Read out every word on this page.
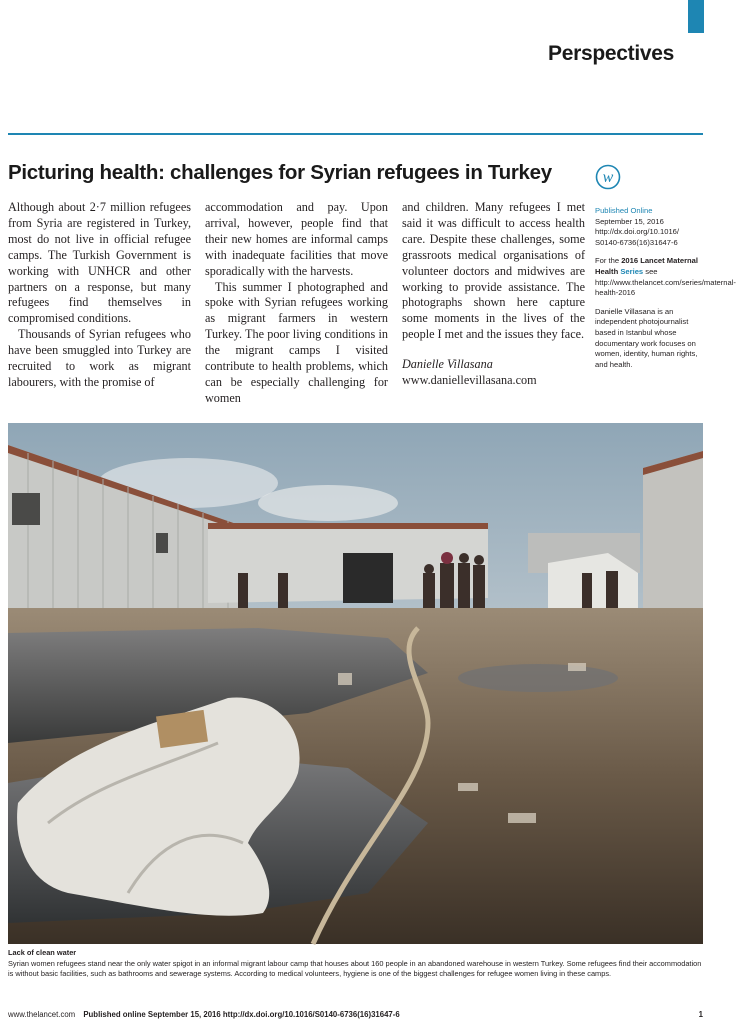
Perspectives
Picturing health: challenges for Syrian refugees in Turkey	w

Although about 2·7 million refugees from Syria are registered in Turkey, most do not live in official refugee camps. The Turkish Government is working with UNHCR and other partners on a response, but many refugees find themselves in compromised conditions.

Thousands of Syrian refugees who have been smuggled into Turkey are recruited to work as migrant labourers, with the promise of

accommodation and pay. Upon arrival, however, people find that their new homes are informal camps with inadequate facilities that move sporadically with the harvests.

This summer I photographed and spoke with Syrian refugees working as migrant farmers in western Turkey. The poor living conditions in the migrant camps I visited contribute to health problems, which can be especially challenging for women

and children. Many refugees I met said it was difficult to access health care. Despite these challenges, some grassroots medical organisations of volunteer doctors and midwives are working to provide assistance. The photographs shown here capture some moments in the lives of the people I met and the issues they face.

Danielle Villasana
www.daniellevillasana.com
Published Online
September 15, 2016
http://dx.doi.org/10.1016/
S0140-6736(16)31647-6
For the 2016 Lancet Maternal Health Series see http://www.thelancet.com/series/maternal-health-2016
Danielle Villasana is an independent photojournalist based in Istanbul whose documentary work focuses on women, identity, human rights, and health.
Lack of clean water
Syrian women refugees stand near the only water spigot in an informal migrant labour camp that houses about 160 people in an abandoned warehouse in western Turkey. Some refugees find their accommodation is without basic facilities, such as bathrooms and sewerage systems. According to medical volunteers, hygiene is one of the biggest challenges for refugee women living in these camps.
www.thelancet.com Published online September 15, 2016 http://dx.doi.org/10.1016/S0140-6736(16)31647-6	1
